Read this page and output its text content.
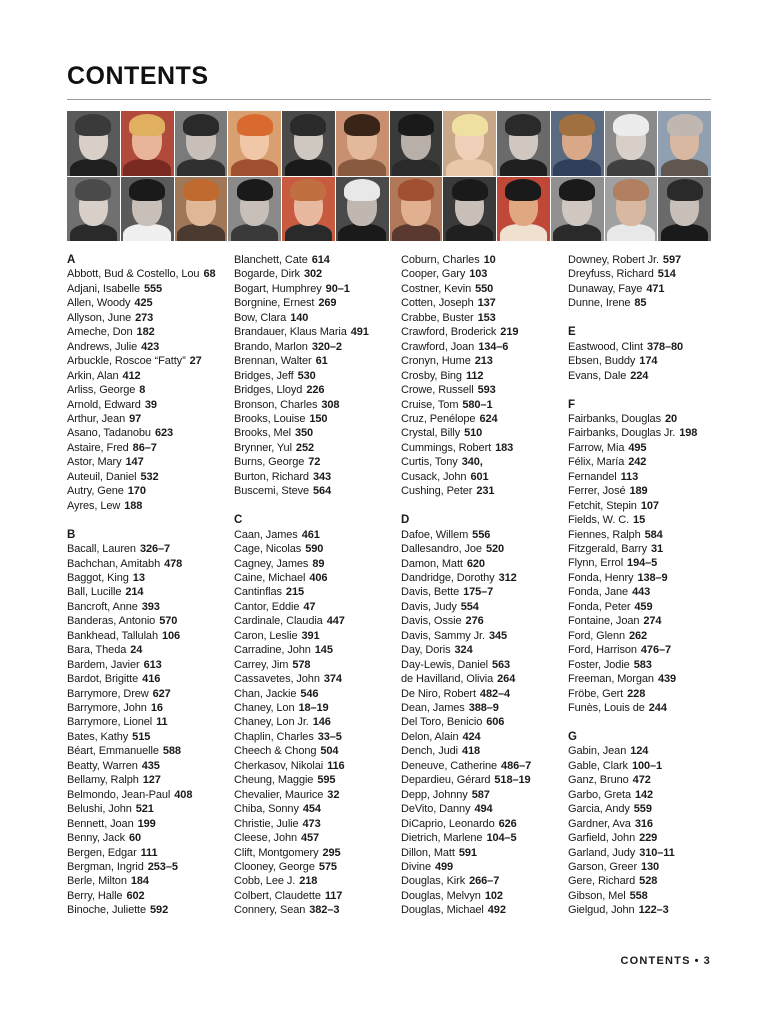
CONTENTS
A
Abbott, Bud & Costello, Lou 68
Adjani, Isabelle 555
Allen, Woody 425
Allyson, June 273
Ameche, Don 182
Andrews, Julie 423
Arbuckle, Roscoe “Fatty” 27
Arkin, Alan 412
Arliss, George 8
Arnold, Edward 39
Arthur, Jean 97
Asano, Tadanobu 623
Astaire, Fred 86–7
Astor, Mary 147
Auteuil, Daniel 532
Autry, Gene 170
Ayres, Lew 188
B
Bacall, Lauren 326–7
Bachchan, Amitabh 478
Baggot, King 13
Ball, Lucille 214
Bancroft, Anne 393
Banderas, Antonio 570
Bankhead, Tallulah 106
Bara, Theda 24
Bardem, Javier 613
Bardot, Brigitte 416
Barrymore, Drew 627
Barrymore, John 16
Barrymore, Lionel 11
Bates, Kathy 515
Béart, Emmanuelle 588
Beatty, Warren 435
Bellamy, Ralph 127
Belmondo, Jean-Paul 408
Belushi, John 521
Bennett, Joan 199
Benny, Jack 60
Bergen, Edgar 111
Bergman, Ingrid 253–5
Berle, Milton 184
Berry, Halle 602
Binoche, Juliette 592
Blanchett, Cate 614
Bogarde, Dirk 302
Bogart, Humphrey 90–1
Borgnine, Ernest 269
Bow, Clara 140
Brandauer, Klaus Maria 491
Brando, Marlon 320–2
Brennan, Walter 61
Bridges, Jeff 530
Bridges, Lloyd 226
Bronson, Charles 308
Brooks, Louise 150
Brooks, Mel 350
Brynner, Yul 252
Burns, George 72
Burton, Richard 343
Buscemi, Steve 564
C
Caan, James 461
Cage, Nicolas 590
Cagney, James 89
Caine, Michael 406
Cantinflas 215
Cantor, Eddie 47
Cardinale, Claudia 447
Caron, Leslie 391
Carradine, John 145
Carrey, Jim 578
Cassavetes, John 374
Chan, Jackie 546
Chaney, Lon 18–19
Chaney, Lon Jr. 146
Chaplin, Charles 33–5
Cheech & Chong 504
Cherkasov, Nikolai 116
Cheung, Maggie 595
Chevalier, Maurice 32
Chiba, Sonny 454
Christie, Julie 473
Cleese, John 457
Clift, Montgomery 295
Clooney, George 575
Cobb, Lee J. 218
Colbert, Claudette 117
Connery, Sean 382–3
Coburn, Charles 10
Cooper, Gary 103
Costner, Kevin 550
Cotten, Joseph 137
Crabbe, Buster 153
Crawford, Broderick 219
Crawford, Joan 134–6
Cronyn, Hume 213
Crosby, Bing 112
Crowe, Russell 593
Cruise, Tom 580–1
Cruz, Penélope 624
Crystal, Billy 510
Cummings, Robert 183
Curtis, Tony 340,
Cusack, John 601
Cushing, Peter 231
D
Dafoe, Willem 556
Dallesandro, Joe 520
Damon, Matt 620
Dandridge, Dorothy 312
Davis, Bette 175–7
Davis, Judy 554
Davis, Ossie 276
Davis, Sammy Jr. 345
Day, Doris 324
Day-Lewis, Daniel 563
de Havilland, Olivia 264
De Niro, Robert 482–4
Dean, James 388–9
Del Toro, Benicio 606
Delon, Alain 424
Dench, Judi 418
Deneuve, Catherine 486–7
Depardieu, Gérard 518–19
Depp, Johnny 587
DeVito, Danny 494
DiCaprio, Leonardo 626
Dietrich, Marlene 104–5
Dillon, Matt 591
Divine 499
Douglas, Kirk 266–7
Douglas, Melvyn 102
Douglas, Michael 492
Downey, Robert Jr. 597
Dreyfuss, Richard 514
Dunaway, Faye 471
Dunne, Irene 85
E
Eastwood, Clint 378–80
Ebsen, Buddy 174
Evans, Dale 224
F
Fairbanks, Douglas 20
Fairbanks, Douglas Jr. 198
Farrow, Mia 495
Félix, María 242
Fernandel 113
Ferrer, José 189
Fetchit, Stepin 107
Fields, W. C. 15
Fiennes, Ralph 584
Fitzgerald, Barry 31
Flynn, Errol 194–5
Fonda, Henry 138–9
Fonda, Jane 443
Fonda, Peter 459
Fontaine, Joan 274
Ford, Glenn 262
Ford, Harrison 476–7
Foster, Jodie 583
Freeman, Morgan 439
Fröbe, Gert 228
Funès, Louis de 244
G
Gabin, Jean 124
Gable, Clark 100–1
Ganz, Bruno 472
Garbo, Greta 142
Garcia, Andy 559
Gardner, Ava 316
Garfield, John 229
Garland, Judy 310–11
Garson, Greer 130
Gere, Richard 528
Gibson, Mel 558
Gielgud, John 122–3
CONTENTS • 3
